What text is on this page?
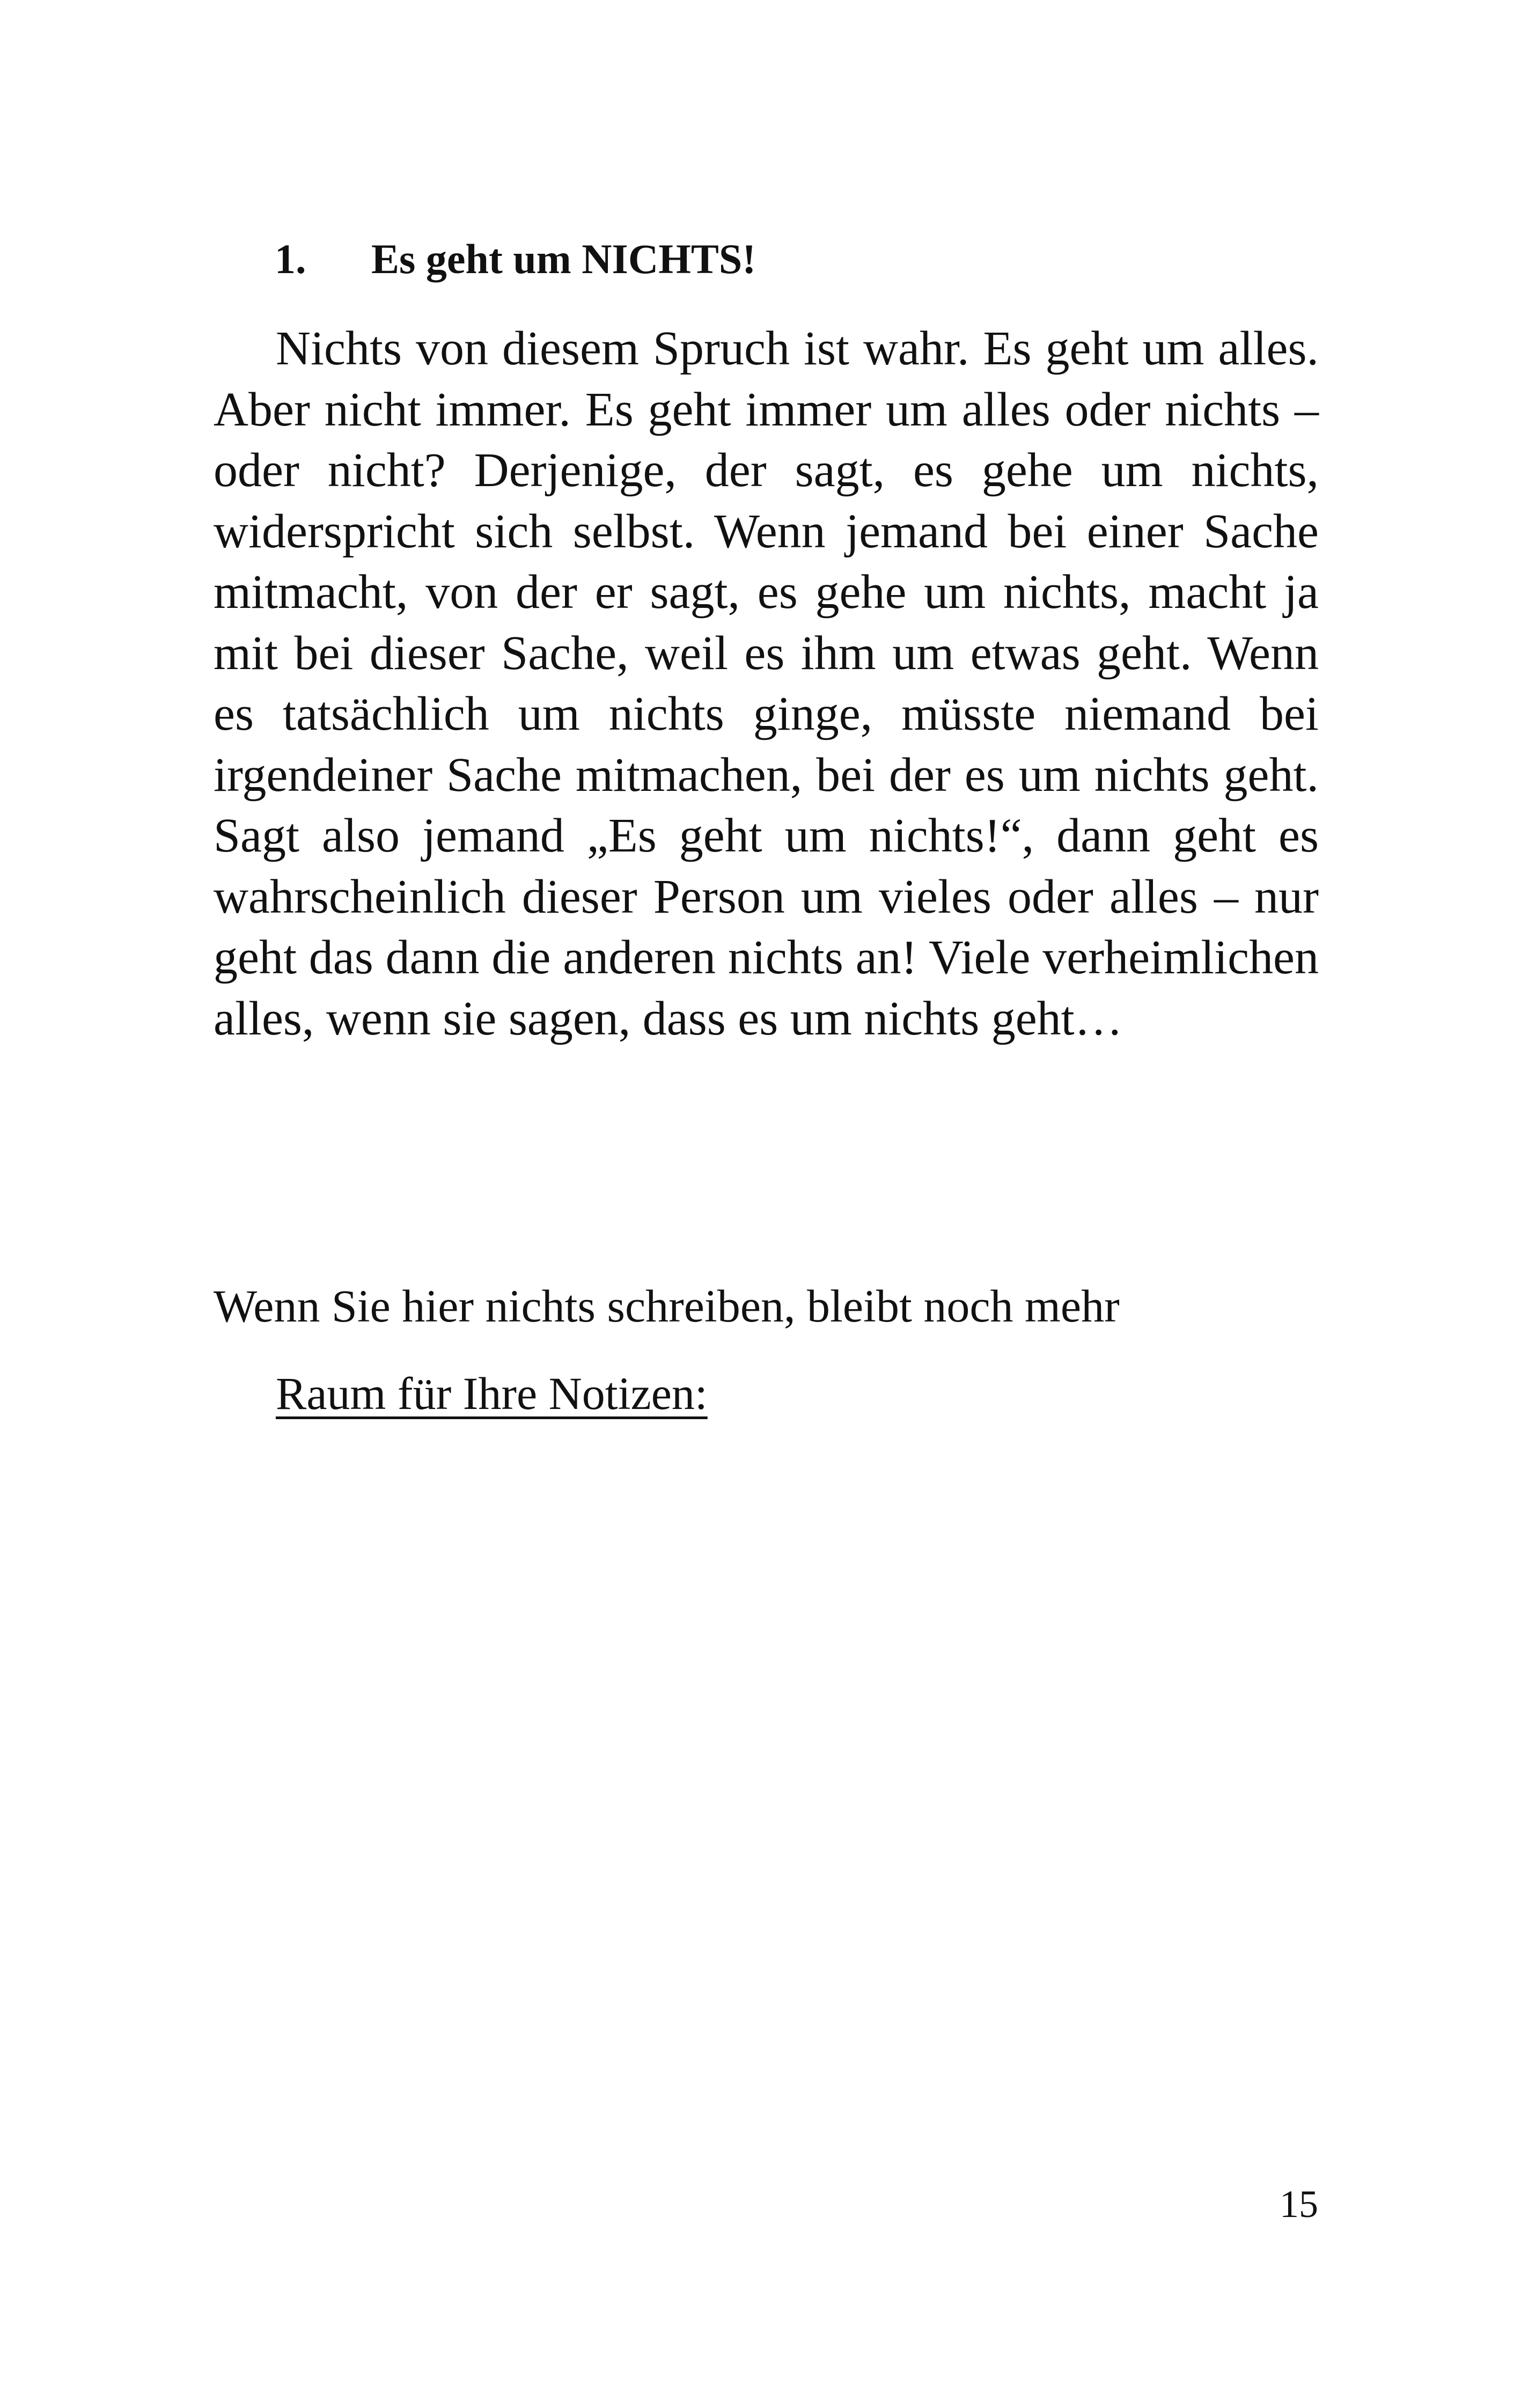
1. Es geht um NICHTS!

Nichts von diesem Spruch ist wahr. Es geht um alles. Aber nicht immer. Es geht immer um alles oder nichts – oder nicht? Derjenige, der sagt, es gehe um nichts, widerspricht sich selbst. Wenn jemand bei einer Sache mitmacht, von der er sagt, es gehe um nichts, macht ja mit bei dieser Sache, weil es ihm um etwas geht. Wenn es tatsächlich um nichts ginge, müsste niemand bei irgendeiner Sache mitmachen, bei der es um nichts geht. Sagt also jemand „Es geht um nichts!“, dann geht es wahrscheinlich dieser Person um vieles oder alles – nur geht das dann die anderen nichts an! Viele verheimlichen alles, wenn sie sagen, dass es um nichts geht…

Wenn Sie hier nichts schreiben, bleibt noch mehr

Raum für Ihre Notizen:

15
